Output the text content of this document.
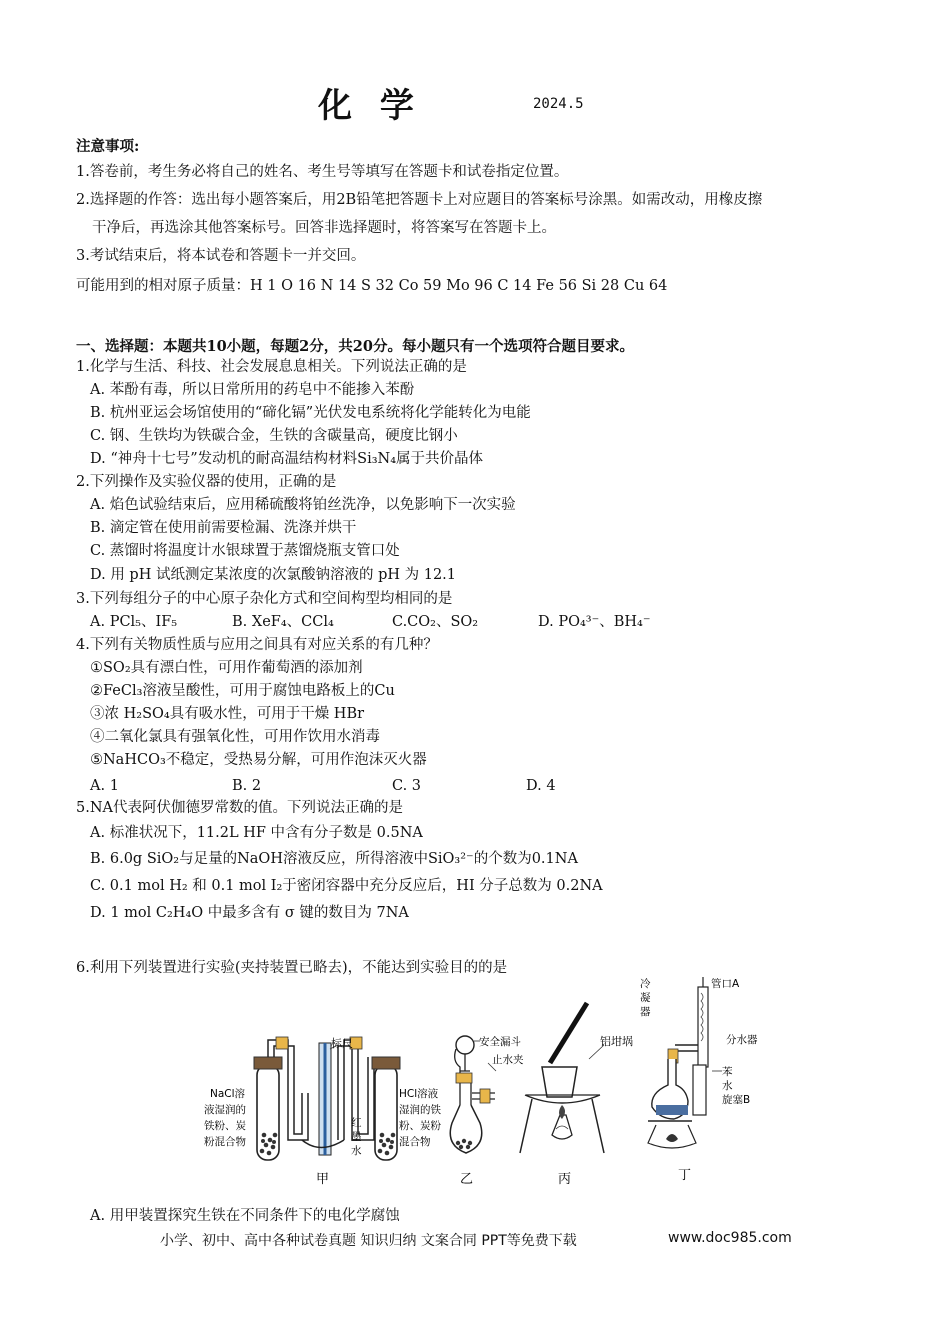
化 学	2024.5
注意事项:
1.答卷前，考生务必将自己的姓名、考生号等填写在答题卡和试卷指定位置。
2.选择题的作答：选出每小题答案后，用2B铅笔把答题卡上对应题目的答案标号涂黑。如需改动，用橡皮擦
干净后，再选涂其他答案标号。回答非选择题时，将答案写在答题卡上。
3.考试结束后，将本试卷和答题卡一并交回。
可能用到的相对原子质量：H 1 O 16 N 14 S 32 Co 59 Mo 96 C 14 Fe 56 Si 28 Cu 64
一、选择题：本题共10小题，每题2分，共20分。每小题只有一个选项符合题目要求。
1.化学与生活、科技、社会发展息息相关。下列说法正确的是
A. 苯酚有毒，所以日常所用的药皂中不能掺入苯酚
B. 杭州亚运会场馆使用的“碲化镉”光伏发电系统将化学能转化为电能
C. 钢、生铁均为铁碳合金，生铁的含碳量高，硬度比钢小
D. “神舟十七号”发动机的耐高温结构材料Si₃N₄属于共价晶体
2.下列操作及实验仪器的使用，正确的是
A. 焰色试验结束后，应用稀硫酸将铂丝洗净，以免影响下一次实验
B. 滴定管在使用前需要检漏、洗涤并烘干
C. 蒸馏时将温度计水银球置于蒸馏烧瓶支管口处
D. 用 pH 试纸测定某浓度的次氯酸钠溶液的 pH 为 12.1
3.下列每组分子的中心原子杂化方式和空间构型均相同的是
A. PCl₅、IF₅	B. XeF₄、CCl₄	C.CO₂、SO₂	D. PO₄³⁻、BH₄⁻
4.下列有关物质性质与应用之间具有对应关系的有几种？
①SO₂具有漂白性，可用作葡萄酒的添加剂
②FeCl₃溶液呈酸性，可用于腐蚀电路板上的Cu
③浓 H₂SO₄具有吸水性，可用于干燥 HBr
④二氧化氯具有强氧化性，可用作饮用水消毒
⑤NaHCO₃不稳定，受热易分解，可用作泡沫灭火器
A. 1	B. 2	C. 3	D. 4
5.NA代表阿伏伽德罗常数的值。下列说法正确的是
A. 标准状况下，11.2L HF 中含有分子数是 0.5NA
B. 6.0g SiO₂与足量的NaOH溶液反应，所得溶液中SiO₃²⁻的个数为0.1NA
C. 0.1 mol H₂ 和 0.1 mol I₂于密闭容器中充分反应后，HI 分子总数为 0.2NA
D. 1 mol C₂H₄O 中最多含有 σ 键的数目为 7NA
6.利用下列装置进行实验(夹持装置已略去)，不能达到实验目的的是
标尺
NaCl溶
液湿润的
铁粉、炭
粉混合物
红
墨
水
HCl溶液
湿润的铁
粉、炭粉
混合物
甲
安全漏斗
止水夹
乙
铝坩埚
丙
冷
凝
器
管口A
分水器
苯
水
旋塞B
丁
A. 用甲装置探究生铁在不同条件下的电化学腐蚀
小学、初中、高中各种试卷真题 知识归纳 文案合同 PPT等免费下载	www.doc985.com
